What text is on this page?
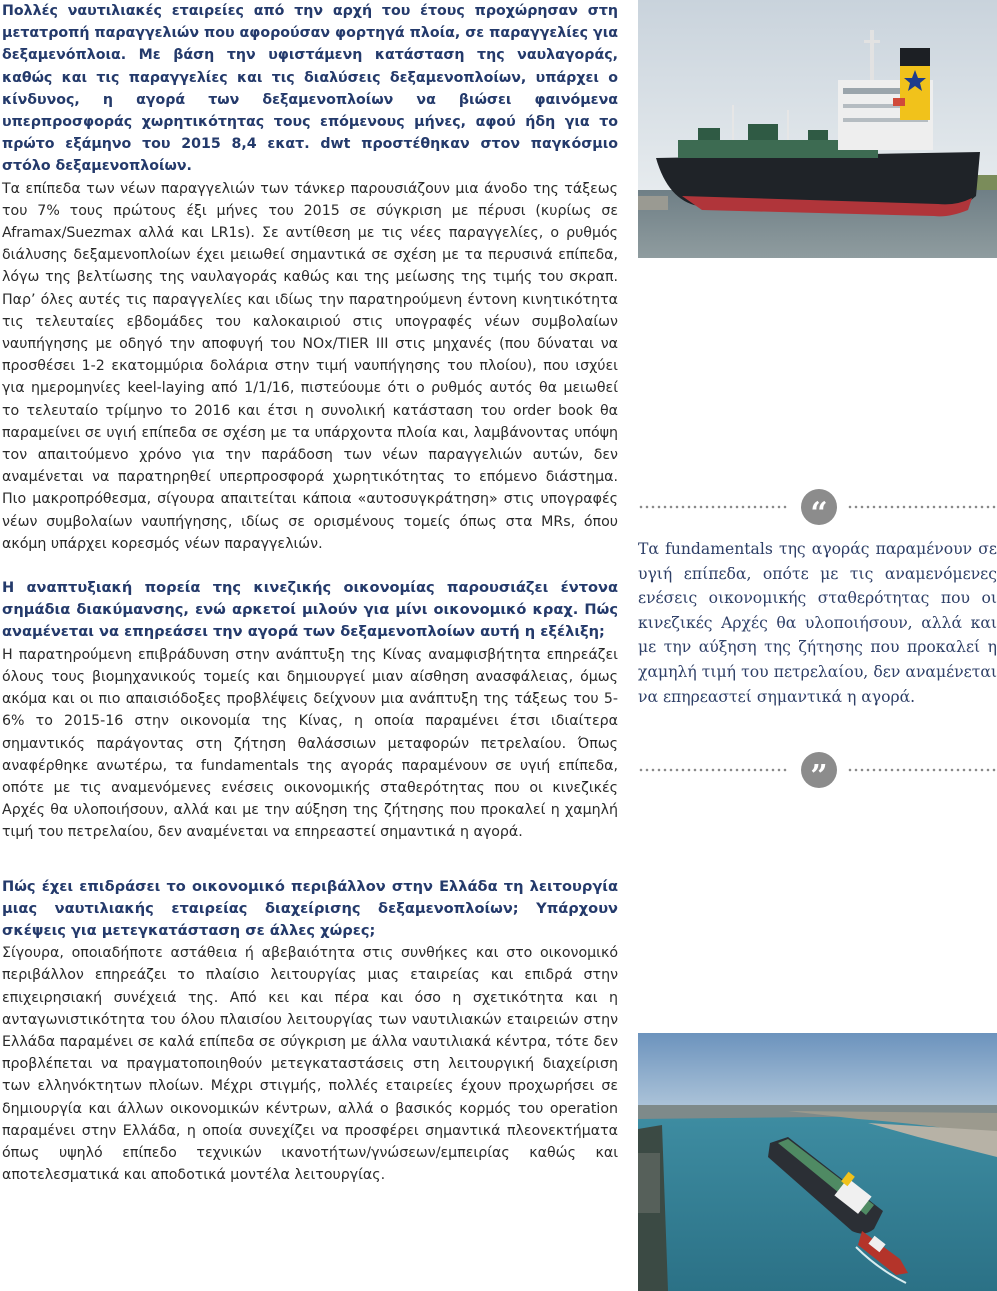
Πολλές ναυτιλιακές εταιρείες από την αρχή του έτους προχώρησαν στη μετατροπή παραγγελιών που αφορούσαν φορτηγά πλοία, σε παραγγελίες για δεξαμενόπλοια. Με βάση την υφιστάμενη κατάσταση της ναυλαγοράς, καθώς και τις παραγγελίες και τις διαλύσεις δεξαμενοπλοίων, υπάρχει ο κίνδυνος, η αγορά των δεξαμενοπλοίων να βιώσει φαινόμενα υπερπροσφοράς χωρητικότητας τους επόμενους μήνες, αφού ήδη για το πρώτο εξάμηνο του 2015 8,4 εκατ. dwt προστέθηκαν στον παγκόσμιο στόλο δεξαμενοπλοίων.

Τα επίπεδα των νέων παραγγελιών των τάνκερ παρουσιάζουν μια άνοδο της τάξεως του 7% τους πρώτους έξι μήνες του 2015 σε σύγκριση με πέρυσι (κυρίως σε Aframax/Suezmax αλλά και LR1s). Σε αντίθεση με τις νέες παραγγελίες, ο ρυθμός διάλυσης δεξαμενοπλοίων έχει μειωθεί σημαντικά σε σχέση με τα περυσινά επίπεδα, λόγω της βελτίωσης της ναυλαγοράς καθώς και της μείωσης της τιμής του σκραπ. Παρ’ όλες αυτές τις παραγγελίες και ιδίως την παρατηρούμενη έντονη κινητικότητα τις τελευταίες εβδομάδες του καλοκαιριού στις υπογραφές νέων συμβολαίων ναυπήγησης με οδηγό την αποφυγή του NOx/TIER III στις μηχανές (που δύναται να προσθέσει 1-2 εκατομμύρια δολάρια στην τιμή ναυπήγησης του πλοίου), που ισχύει για ημερομηνίες keel-laying από 1/1/16, πιστεύουμε ότι ο ρυθμός αυτός θα μειωθεί το τελευταίο τρίμηνο το 2016 και έτσι η συνολική κατάσταση του order book θα παραμείνει σε υγιή επίπεδα σε σχέση με τα υπάρχοντα πλοία και, λαμβάνοντας υπόψη τον απαιτούμενο χρόνο για την παράδοση των νέων παραγγελιών αυτών, δεν αναμένεται να παρατηρηθεί υπερπροσφορά χωρητικότητας το επόμενο διάστημα. Πιο μακροπρόθεσμα, σίγουρα απαιτείται κάποια «αυτοσυγκράτηση» στις υπογραφές νέων συμβολαίων ναυπήγησης, ιδίως σε ορισμένους τομείς όπως στα MRs, όπου ακόμη υπάρχει κορεσμός νέων παραγγελιών.

Η αναπτυξιακή πορεία της κινεζικής οικονομίας παρουσιάζει έντονα σημάδια διακύμανσης, ενώ αρκετοί μιλούν για μίνι οικονομικό κραχ. Πώς αναμένεται να επηρεάσει την αγορά των δεξαμενοπλοίων αυτή η εξέλιξη;

Η παρατηρούμενη επιβράδυνση στην ανάπτυξη της Κίνας αναμφισβήτητα επηρεάζει όλους τους βιομηχανικούς τομείς και δημιουργεί μιαν αίσθηση ανασφάλειας, όμως ακόμα και οι πιο απαισιόδοξες προβλέψεις δείχνουν μια ανάπτυξη της τάξεως του 5-6% το 2015-16 στην οικονομία της Κίνας, η οποία παραμένει έτσι ιδιαίτερα σημαντικός παράγοντας στη ζήτηση θαλάσσιων μεταφορών πετρελαίου. Όπως αναφέρθηκε ανωτέρω, τα fundamentals της αγοράς παραμένουν σε υγιή επίπεδα, οπότε με τις αναμενόμενες ενέσεις οικονομικής σταθερότητας που οι κινεζικές Αρχές θα υλοποιήσουν, αλλά και με την αύξηση της ζήτησης που προκαλεί η χαμηλή τιμή του πετρελαίου, δεν αναμένεται να επηρεαστεί σημαντικά η αγορά.

Πώς έχει επιδράσει το οικονομικό περιβάλλον στην Ελλάδα τη λειτουργία μιας ναυτιλιακής εταιρείας διαχείρισης δεξαμενοπλοίων; Υπάρχουν σκέψεις για μετεγκατάσταση σε άλλες χώρες;

Σίγουρα, οποιαδήποτε αστάθεια ή αβεβαιότητα στις συνθήκες και στο οικονομικό περιβάλλον επηρεάζει το πλαίσιο λειτουργίας μιας εταιρείας και επιδρά στην επιχειρησιακή συνέχειά της. Από κει και πέρα και όσο η σχετικότητα και η ανταγωνιστικότητα του όλου πλαισίου λειτουργίας των ναυτιλιακών εταιρειών στην Ελλάδα παραμένει σε καλά επίπεδα σε σύγκριση με άλλα ναυτιλιακά κέντρα, τότε δεν προβλέπεται να πραγματοποιηθούν μετεγκαταστάσεις στη λειτουργική διαχείριση των ελληνόκτητων πλοίων. Μέχρι στιγμής, πολλές εταιρείες έχουν προχωρήσει σε δημιουργία και άλλων οικονομικών κέντρων, αλλά ο βασικός κορμός του operation παραμένει στην Ελλάδα, η οποία συνεχίζει να προσφέρει σημαντικά πλεονεκτήματα όπως υψηλό επίπεδο τεχνικών ικανοτήτων/γνώσεων/εμπειρίας καθώς και αποτελεσματικά και αποδοτικά μοντέλα λειτουργίας.

“
Τα fundamentals της αγοράς παραμένουν σε υγιή επίπεδα, οπότε με τις αναμενόμενες ενέσεις οικονομικής σταθερότητας που οι κινεζικές Αρχές θα υλοποιήσουν, αλλά και με την αύξηση της ζήτησης που προκαλεί η χαμηλή τιμή του πετρελαίου, δεν αναμένεται να επηρεαστεί σημαντικά η αγορά.
”
